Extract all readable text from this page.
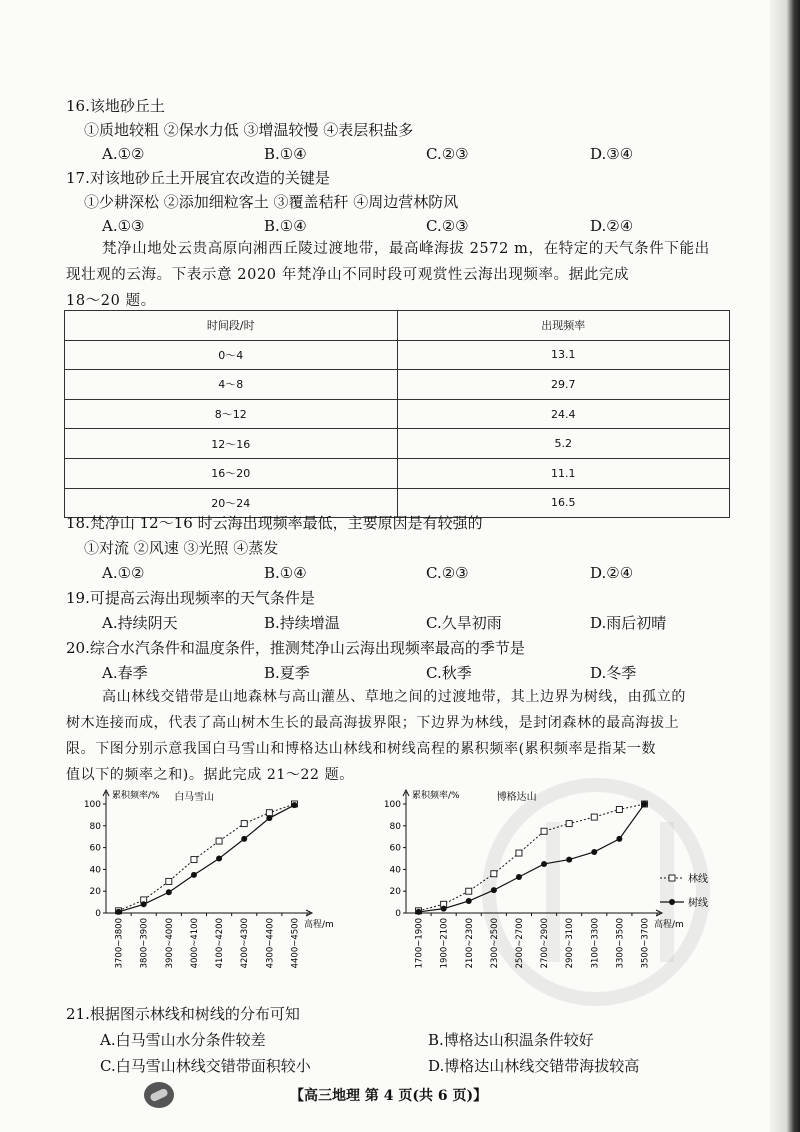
16.该地砂丘土
①质地较粗 ②保水力低 ③增温较慢 ④表层积盐多
A.①②	B.①④	C.②③	D.③④
17.对该地砂丘土开展宜农改造的关键是
①少耕深松 ②添加细粒客土 ③覆盖秸秆 ④周边营林防风
A.①③	B.①④	C.②③	D.②④
梵净山地处云贵高原向湘西丘陵过渡地带，最高峰海拔 2572 m，在特定的天气条件下能出
现壮观的云海。下表示意 2020 年梵净山不同时段可观赏性云海出现频率。据此完成
18～20 题。
时间段/时	出现频率
0～4	13.1
4～8	29.7
8～12	24.4
12～16	5.2
16～20	11.1
20～24	16.5
18.梵净山 12～16 时云海出现频率最低，主要原因是有较强的
①对流 ②风速 ③光照 ④蒸发
A.①②	B.①④	C.②③	D.②④
19.可提高云海出现频率的天气条件是
A.持续阴天	B.持续增温	C.久旱初雨	D.雨后初晴
20.综合水汽条件和温度条件，推测梵净山云海出现频率最高的季节是
A.春季	B.夏季	C.秋季	D.冬季
高山林线交错带是山地森林与高山灌丛、草地之间的过渡地带，其上边界为树线，由孤立的
树木连接而成，代表了高山树木生长的最高海拔界限；下边界为林线，是封闭森林的最高海拔上
限。下图分别示意我国白马雪山和博格达山林线和树线高程的累积频率(累积频率是指某一数
值以下的频率之和)。据此完成 21～22 题。
白马雪山
累积频率/%
高程/m
0
20
40
60
80
100
3700~3800 3800~3900 3900~4000 4000~4100 4100~4200 4200~4300 4300~4400 4400~4500
博格达山
累积频率/%
高程/m
0
20
40
60
80
100
1700~1900 1900~2100 2100~2300 2300~2500 2500~2700 2700~2900 2900~3100 3100~3300 3300~3500 3500~3700
林线
树线
21.根据图示林线和树线的分布可知
A.白马雪山水分条件较差	B.博格达山积温条件较好
C.白马雪山林线交错带面积较小	D.博格达山林线交错带海拔较高
【高三地理 第 4 页(共 6 页)】
